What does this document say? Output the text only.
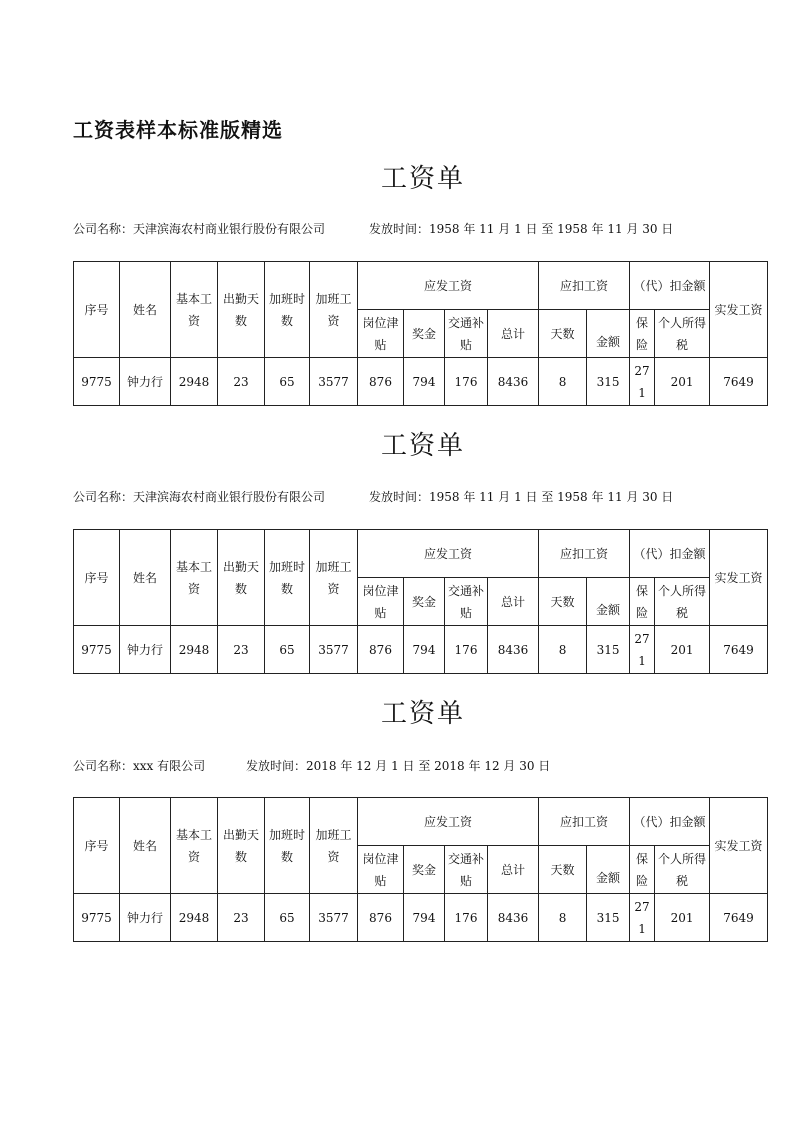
工资表样本标准版精选
工资单
公司名称：天津滨海农村商业银行股份有限公司	发放时间：1958 年 11 月 1 日 至 1958 年 11 月 30 日
序号	姓名	基本工资	出勤天数	加班时数	加班工资	应发工资				应扣工资		（代）扣金额		实发工资
						岗位津贴	奖金	交通补贴	总计	天数	金额	保险	个人所得税	
9775	钟力行	2948	23	65	3577	876	794	176	8436	8	315	271	201	7649
工资单
公司名称：天津滨海农村商业银行股份有限公司	发放时间：1958 年 11 月 1 日 至 1958 年 11 月 30 日
序号	姓名	基本工资	出勤天数	加班时数	加班工资	应发工资				应扣工资		（代）扣金额		实发工资
						岗位津贴	奖金	交通补贴	总计	天数	金额	保险	个人所得税	
9775	钟力行	2948	23	65	3577	876	794	176	8436	8	315	271	201	7649
工资单
公司名称：xxx 有限公司	发放时间：2018 年 12 月 1 日 至 2018 年 12 月 30 日
序号	姓名	基本工资	出勤天数	加班时数	加班工资	应发工资				应扣工资		（代）扣金额		实发工资
						岗位津贴	奖金	交通补贴	总计	天数	金额	保险	个人所得税	
9775	钟力行	2948	23	65	3577	876	794	176	8436	8	315	271	201	7649
